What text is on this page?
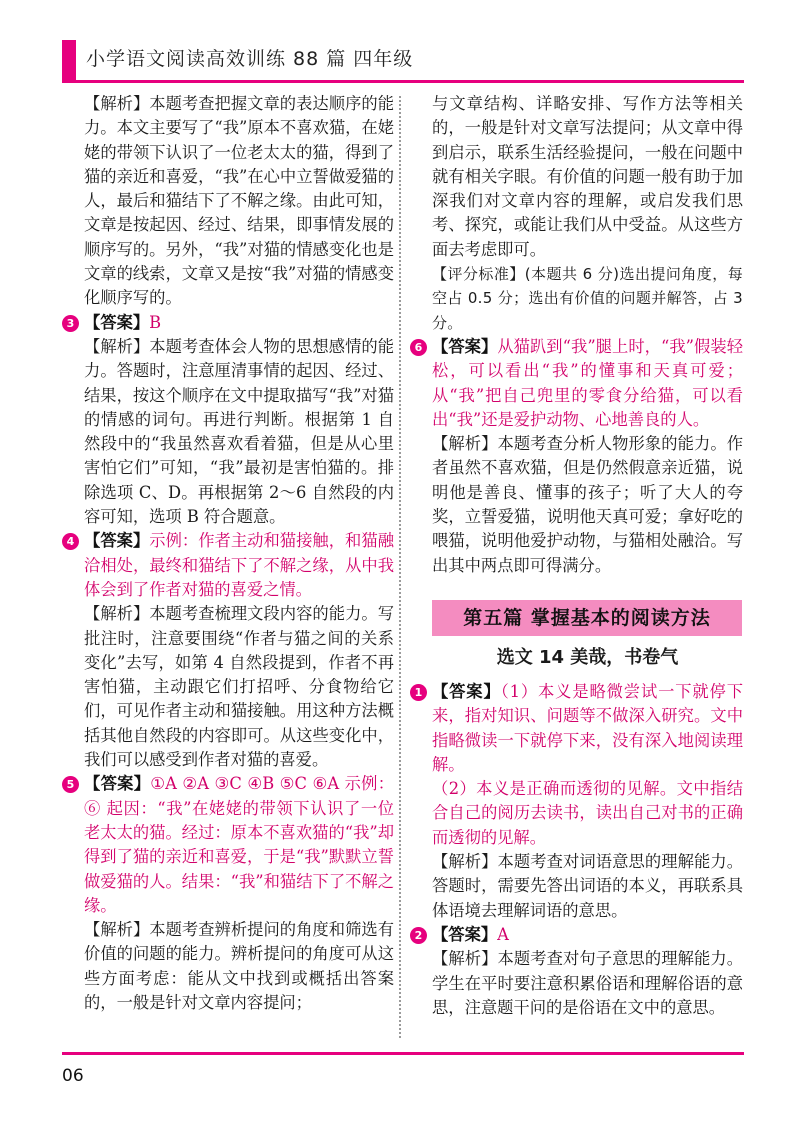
小学语文阅读高效训练 88 篇 四年级

【解析】本题考查把握文章的表达顺序的能力。本文主要写了“我”原本不喜欢猫，在姥姥的带领下认识了一位老太太的猫，得到了猫的亲近和喜爱，“我”在心中立誓做爱猫的人，最后和猫结下了不解之缘。由此可知，文章是按起因、经过、结果，即事情发展的顺序写的。另外，“我”对猫的情感变化也是文章的线索，文章又是按“我”对猫的情感变化顺序写的。

3 【答案】B

【解析】本题考查体会人物的思想感情的能力。答题时，注意厘清事情的起因、经过、结果，按这个顺序在文中提取描写“我”对猫的情感的词句。再进行判断。根据第 1 自然段中的“我虽然喜欢看着猫，但是从心里害怕它们”可知，“我”最初是害怕猫的。排除选项 C、D。再根据第 2～6 自然段的内容可知，选项 B 符合题意。

4 【答案】示例：作者主动和猫接触，和猫融洽相处，最终和猫结下了不解之缘，从中我体会到了作者对猫的喜爱之情。

【解析】本题考查梳理文段内容的能力。写批注时，注意要围绕“作者与猫之间的关系变化”去写，如第 4 自然段提到，作者不再害怕猫，主动跟它们打招呼、分食物给它们，可见作者主动和猫接触。用这种方法概括其他自然段的内容即可。从这些变化中，我们可以感受到作者对猫的喜爱。

5 【答案】①A ②A ③C ④B ⑤C ⑥A 示例：⑥ 起因：“我”在姥姥的带领下认识了一位老太太的猫。经过：原本不喜欢猫的“我”却得到了猫的亲近和喜爱，于是“我”默默立誓做爱猫的人。结果：“我”和猫结下了不解之缘。

【解析】本题考查辨析提问的角度和筛选有价值的问题的能力。辨析提问的角度可从这些方面考虑：能从文中找到或概括出答案的，一般是针对文章内容提问；

与文章结构、详略安排、写作方法等相关的，一般是针对文章写法提问；从文章中得到启示，联系生活经验提问，一般在问题中就有相关字眼。有价值的问题一般有助于加深我们对文章内容的理解，或启发我们思考、探究，或能让我们从中受益。从这些方面去考虑即可。

【评分标准】(本题共 6 分)选出提问角度，每空占 0.5 分；选出有价值的问题并解答，占 3 分。

6 【答案】从猫趴到“我”腿上时，“我”假装轻松，可以看出“我”的懂事和天真可爱；从“我”把自己兜里的零食分给猫，可以看出“我”还是爱护动物、心地善良的人。

【解析】本题考查分析人物形象的能力。作者虽然不喜欢猫，但是仍然假意亲近猫，说明他是善良、懂事的孩子；听了大人的夸奖，立誓爱猫，说明他天真可爱；拿好吃的喂猫，说明他爱护动物，与猫相处融洽。写出其中两点即可得满分。

第五篇 掌握基本的阅读方法
选文 14 美哉，书卷气

1 【答案】（1）本义是略微尝试一下就停下来，指对知识、问题等不做深入研究。文中指略微读一下就停下来，没有深入地阅读理解。

（2）本义是正确而透彻的见解。文中指结合自己的阅历去读书，读出自己对书的正确而透彻的见解。

【解析】本题考查对词语意思的理解能力。答题时，需要先答出词语的本义，再联系具体语境去理解词语的意思。

2 【答案】A

【解析】本题考查对句子意思的理解能力。学生在平时要注意积累俗语和理解俗语的意思，注意题干问的是俗语在文中的意思。

06
